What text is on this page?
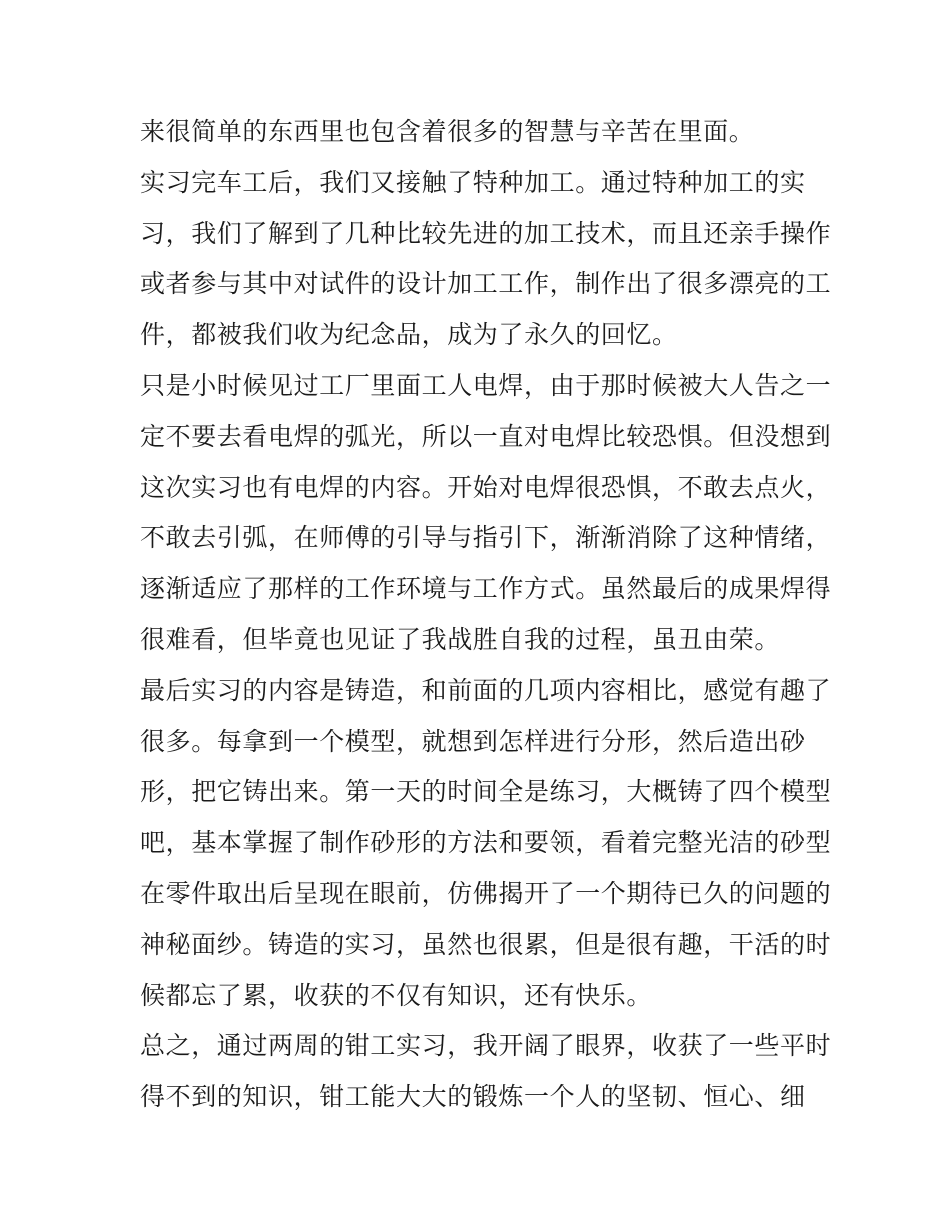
来很简单的东西里也包含着很多的智慧与辛苦在里面。
实习完车工后，我们又接触了特种加工。通过特种加工的实
习，我们了解到了几种比较先进的加工技术，而且还亲手操作
或者参与其中对试件的设计加工工作，制作出了很多漂亮的工
件，都被我们收为纪念品，成为了永久的回忆。
只是小时候见过工厂里面工人电焊，由于那时候被大人告之一
定不要去看电焊的弧光，所以一直对电焊比较恐惧。但没想到
这次实习也有电焊的内容。开始对电焊很恐惧，不敢去点火，
不敢去引弧，在师傅的引导与指引下，渐渐消除了这种情绪，
逐渐适应了那样的工作环境与工作方式。虽然最后的成果焊得
很难看，但毕竟也见证了我战胜自我的过程，虽丑由荣。
最后实习的内容是铸造，和前面的几项内容相比，感觉有趣了
很多。每拿到一个模型，就想到怎样进行分形，然后造出砂
形，把它铸出来。第一天的时间全是练习，大概铸了四个模型
吧，基本掌握了制作砂形的方法和要领，看着完整光洁的砂型
在零件取出后呈现在眼前，仿佛揭开了一个期待已久的问题的
神秘面纱。铸造的实习，虽然也很累，但是很有趣，干活的时
候都忘了累，收获的不仅有知识，还有快乐。
总之，通过两周的钳工实习，我开阔了眼界，收获了一些平时
得不到的知识，钳工能大大的锻炼一个人的坚韧、恒心、细
